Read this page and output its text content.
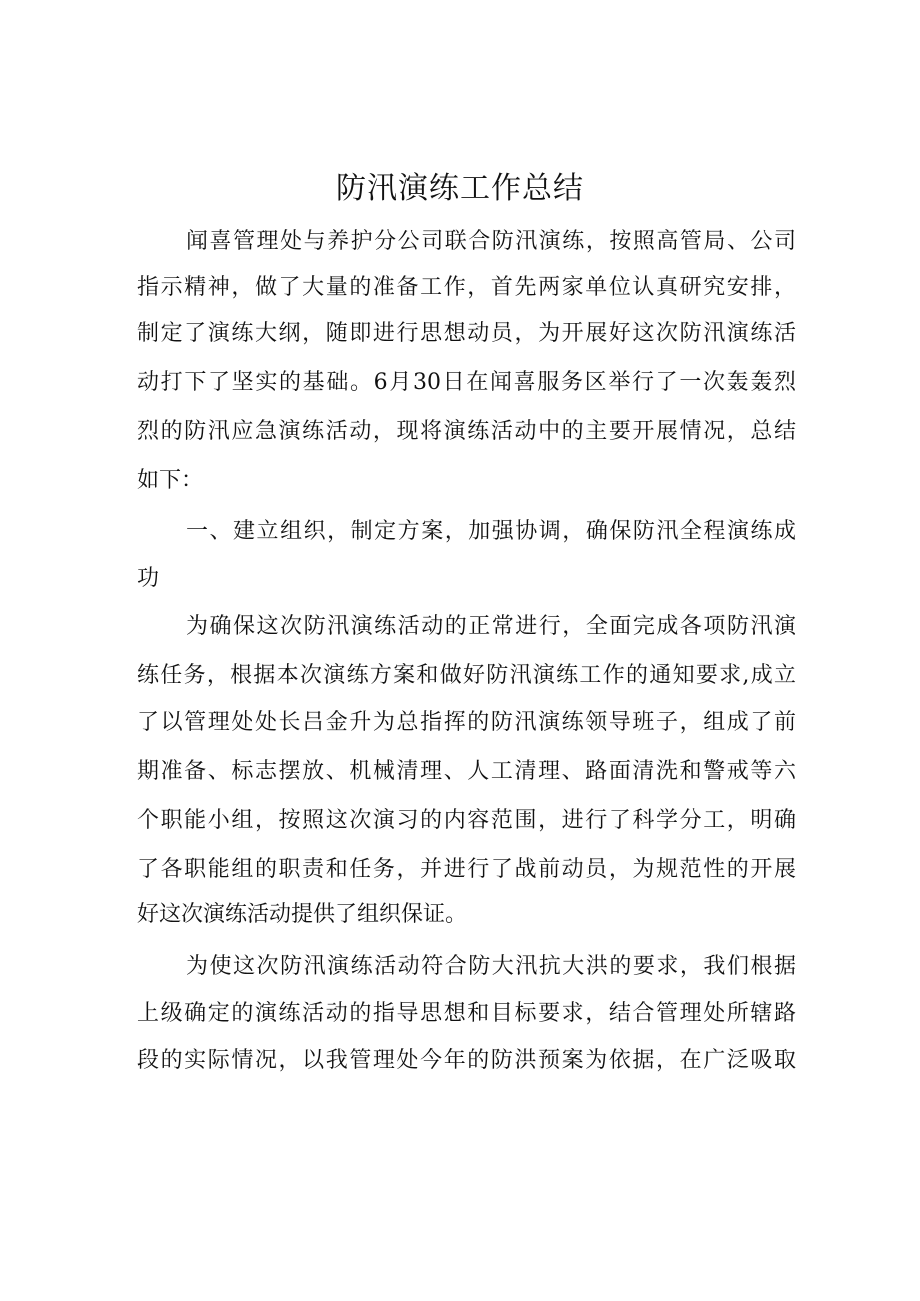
防汛演练工作总结
闻喜管理处与养护分公司联合防汛演练，按照高管局、公司
指示精神，做了大量的准备工作，首先两家单位认真研究安排，
制定了演练大纲，随即进行思想动员，为开展好这次防汛演练活
动打下了坚实的基础。6月30日在闻喜服务区举行了一次轰轰烈
烈的防汛应急演练活动，现将演练活动中的主要开展情况，总结
如下：
一、建立组织，制定方案，加强协调，确保防汛全程演练成
功
为确保这次防汛演练活动的正常进行，全面完成各项防汛演
练任务，根据本次演练方案和做好防汛演练工作的通知要求,成立
了以管理处处长吕金升为总指挥的防汛演练领导班子，组成了前
期准备、标志摆放、机械清理、人工清理、路面清洗和警戒等六
个职能小组，按照这次演习的内容范围，进行了科学分工，明确
了各职能组的职责和任务，并进行了战前动员，为规范性的开展
好这次演练活动提供了组织保证。
为使这次防汛演练活动符合防大汛抗大洪的要求，我们根据
上级确定的演练活动的指导思想和目标要求，结合管理处所辖路
段的实际情况，以我管理处今年的防洪预案为依据，在广泛吸取
